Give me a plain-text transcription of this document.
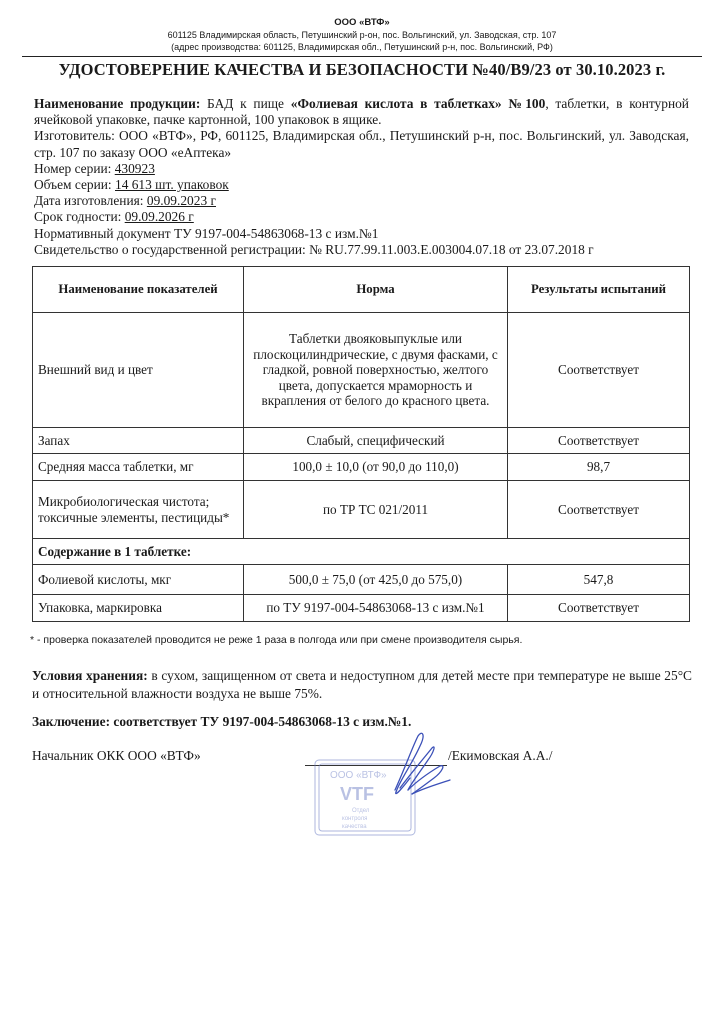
ООО «ВТФ»
601125 Владимирская область, Петушинский р-он, пос. Вольгинский, ул. Заводская, стр. 107
(адрес производства: 601125, Владимирская обл., Петушинский р-н, пос. Вольгинский, РФ)
УДОСТОВЕРЕНИЕ КАЧЕСТВА И БЕЗОПАСНОСТИ №40/В9/23 от 30.10.2023 г.

Наименование продукции: БАД к пище «Фолиевая кислота в таблетках» №100, таблетки, в контурной ячейковой упаковке, пачке картонной, 100 упаковок в ящике.

Изготовитель: ООО «ВТФ», РФ, 601125, Владимирская обл., Петушинский р-н, пос. Вольгинский, ул. Заводская, стр. 107 по заказу ООО «еАптека»

Номер серии: 430923

Объем серии: 14 613 шт. упаковок

Дата изготовления: 09.09.2023 г

Срок годности: 09.09.2026 г

Нормативный документ ТУ 9197-004-54863068-13 с изм.№1

Свидетельство о государственной регистрации: № RU.77.99.11.003.Е.003004.07.18 от 23.07.2018 г

Наименование показателей	Норма	Результаты испытаний
Внешний вид и цвет	Таблетки двояковыпуклые или плоскоцилиндрические, с двумя фасками, с гладкой, ровной поверхностью, желтого цвета, допускается мраморность и вкрапления от белого до красного цвета.	Соответствует
Запах	Слабый, специфический	Соответствует
Средняя масса таблетки, мг	100,0 ± 10,0 (от 90,0 до 110,0)	98,7
Микробиологическая чистота; токсичные элементы, пестициды*	по ТР ТС 021/2011	Соответствует
Содержание в 1 таблетке:		
Фолиевой кислоты, мкг	500,0 ± 75,0 (от 425,0 до 575,0)	547,8
Упаковка, маркировка	по ТУ 9197-004-54863068-13 с изм.№1	Соответствует
* - проверка показателей проводится не реже 1 раза в полгода или при смене производителя сырья.
Условия хранения: в сухом, защищенном от света и недоступном для детей месте при температуре не выше 25°С и относительной влажности воздуха не выше 75%.
Заключение: соответствует ТУ 9197-004-54863068-13 с изм.№1.
Начальник ОКК ООО «ВТФ»	/Екимовская А.А./
ООО «ВТФ»
VTF
Отдел
контроля
качества
